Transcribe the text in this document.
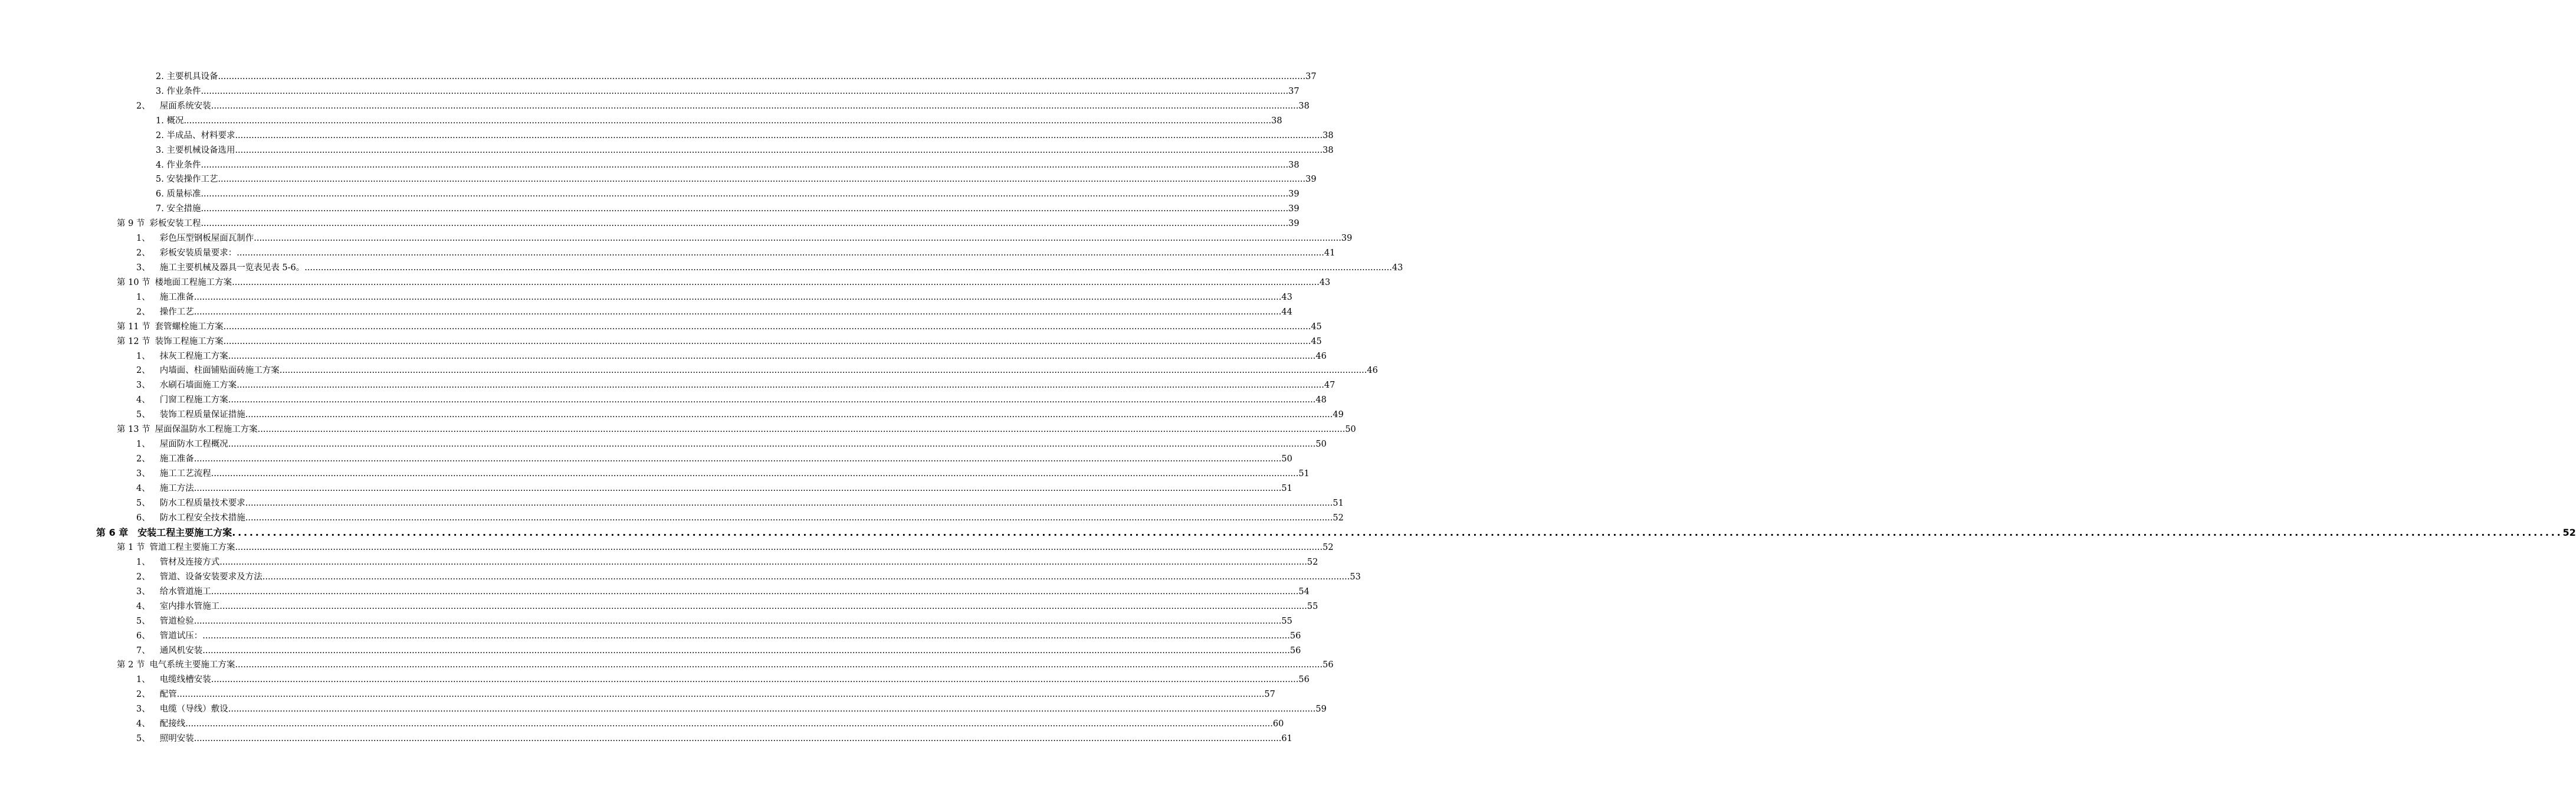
2. 主要机具设备 ................................................................................................................................................................................................................................................................................................................................................................................................................ 37
3. 作业条件 ................................................................................................................................................................................................................................................................................................................................................................................................................ 37
2、 屋面系统安装 ................................................................................................................................................................................................................................................................................................................................................................................................................ 38
1. 概况 ................................................................................................................................................................................................................................................................................................................................................................................................................ 38
2. 半成品、材料要求 ................................................................................................................................................................................................................................................................................................................................................................................................................ 38
3. 主要机械设备选用 ................................................................................................................................................................................................................................................................................................................................................................................................................ 38
4. 作业条件 ................................................................................................................................................................................................................................................................................................................................................................................................................ 38
5. 安装操作工艺 ................................................................................................................................................................................................................................................................................................................................................................................................................ 39
6. 质量标准 ................................................................................................................................................................................................................................................................................................................................................................................................................ 39
7. 安全措施 ................................................................................................................................................................................................................................................................................................................................................................................................................ 39
第 9 节 彩板安装工程 ................................................................................................................................................................................................................................................................................................................................................................................................................ 39
1、 彩色压型钢板屋面瓦制作 ................................................................................................................................................................................................................................................................................................................................................................................................................ 39
2、 彩板安装质量要求： ................................................................................................................................................................................................................................................................................................................................................................................................................ 41
3、 施工主要机械及器具一览表见表 5-6。 ................................................................................................................................................................................................................................................................................................................................................................................................................ 43
第 10 节 楼地面工程施工方案 ................................................................................................................................................................................................................................................................................................................................................................................................................ 43
1、 施工准备 ................................................................................................................................................................................................................................................................................................................................................................................................................ 43
2、 操作工艺 ................................................................................................................................................................................................................................................................................................................................................................................................................ 44
第 11 节 套管螺栓施工方案 ................................................................................................................................................................................................................................................................................................................................................................................................................ 45
第 12 节 装饰工程施工方案 ................................................................................................................................................................................................................................................................................................................................................................................................................ 45
1、 抹灰工程施工方案 ................................................................................................................................................................................................................................................................................................................................................................................................................ 46
2、 内墙面、柱面铺贴面砖施工方案 ................................................................................................................................................................................................................................................................................................................................................................................................................ 46
3、 水刷石墙面施工方案 ................................................................................................................................................................................................................................................................................................................................................................................................................ 47
4、 门窗工程施工方案 ................................................................................................................................................................................................................................................................................................................................................................................................................ 48
5、 装饰工程质量保证措施 ................................................................................................................................................................................................................................................................................................................................................................................................................ 49
第 13 节 屋面保温防水工程施工方案 ................................................................................................................................................................................................................................................................................................................................................................................................................ 50
1、 屋面防水工程概况 ................................................................................................................................................................................................................................................................................................................................................................................................................ 50
2、 施工准备 ................................................................................................................................................................................................................................................................................................................................................................................................................ 50
3、 施工工艺流程 ................................................................................................................................................................................................................................................................................................................................................................................................................ 51
4、 施工方法 ................................................................................................................................................................................................................................................................................................................................................................................................................ 51
5、 防水工程质量技术要求 ................................................................................................................................................................................................................................................................................................................................................................................................................ 51
6、 防水工程安全技术措施 ................................................................................................................................................................................................................................................................................................................................................................................................................ 52
第 6 章 安装工程主要施工方案 ................................................................................................................................................................................................................................................................................................................................................................................................................ 52
第 1 节 管道工程主要施工方案 ................................................................................................................................................................................................................................................................................................................................................................................................................ 52
1、 管材及连接方式 ................................................................................................................................................................................................................................................................................................................................................................................................................ 52
2、 管道、设备安装要求及方法 ................................................................................................................................................................................................................................................................................................................................................................................................................ 53
3、 给水管道施工 ................................................................................................................................................................................................................................................................................................................................................................................................................ 54
4、 室内排水管施工 ................................................................................................................................................................................................................................................................................................................................................................................................................ 55
5、 管道检验 ................................................................................................................................................................................................................................................................................................................................................................................................................ 55
6、 管道试压： ................................................................................................................................................................................................................................................................................................................................................................................................................ 56
7、 通风机安装 ................................................................................................................................................................................................................................................................................................................................................................................................................ 56
第 2 节 电气系统主要施工方案 ................................................................................................................................................................................................................................................................................................................................................................................................................ 56
1、 电缆线槽安装 ................................................................................................................................................................................................................................................................................................................................................................................................................ 56
2、 配管 ................................................................................................................................................................................................................................................................................................................................................................................................................ 57
3、 电缆（导线）敷设 ................................................................................................................................................................................................................................................................................................................................................................................................................ 59
4、 配接线 ................................................................................................................................................................................................................................................................................................................................................................................................................ 60
5、 照明安装 ................................................................................................................................................................................................................................................................................................................................................................................................................ 61
